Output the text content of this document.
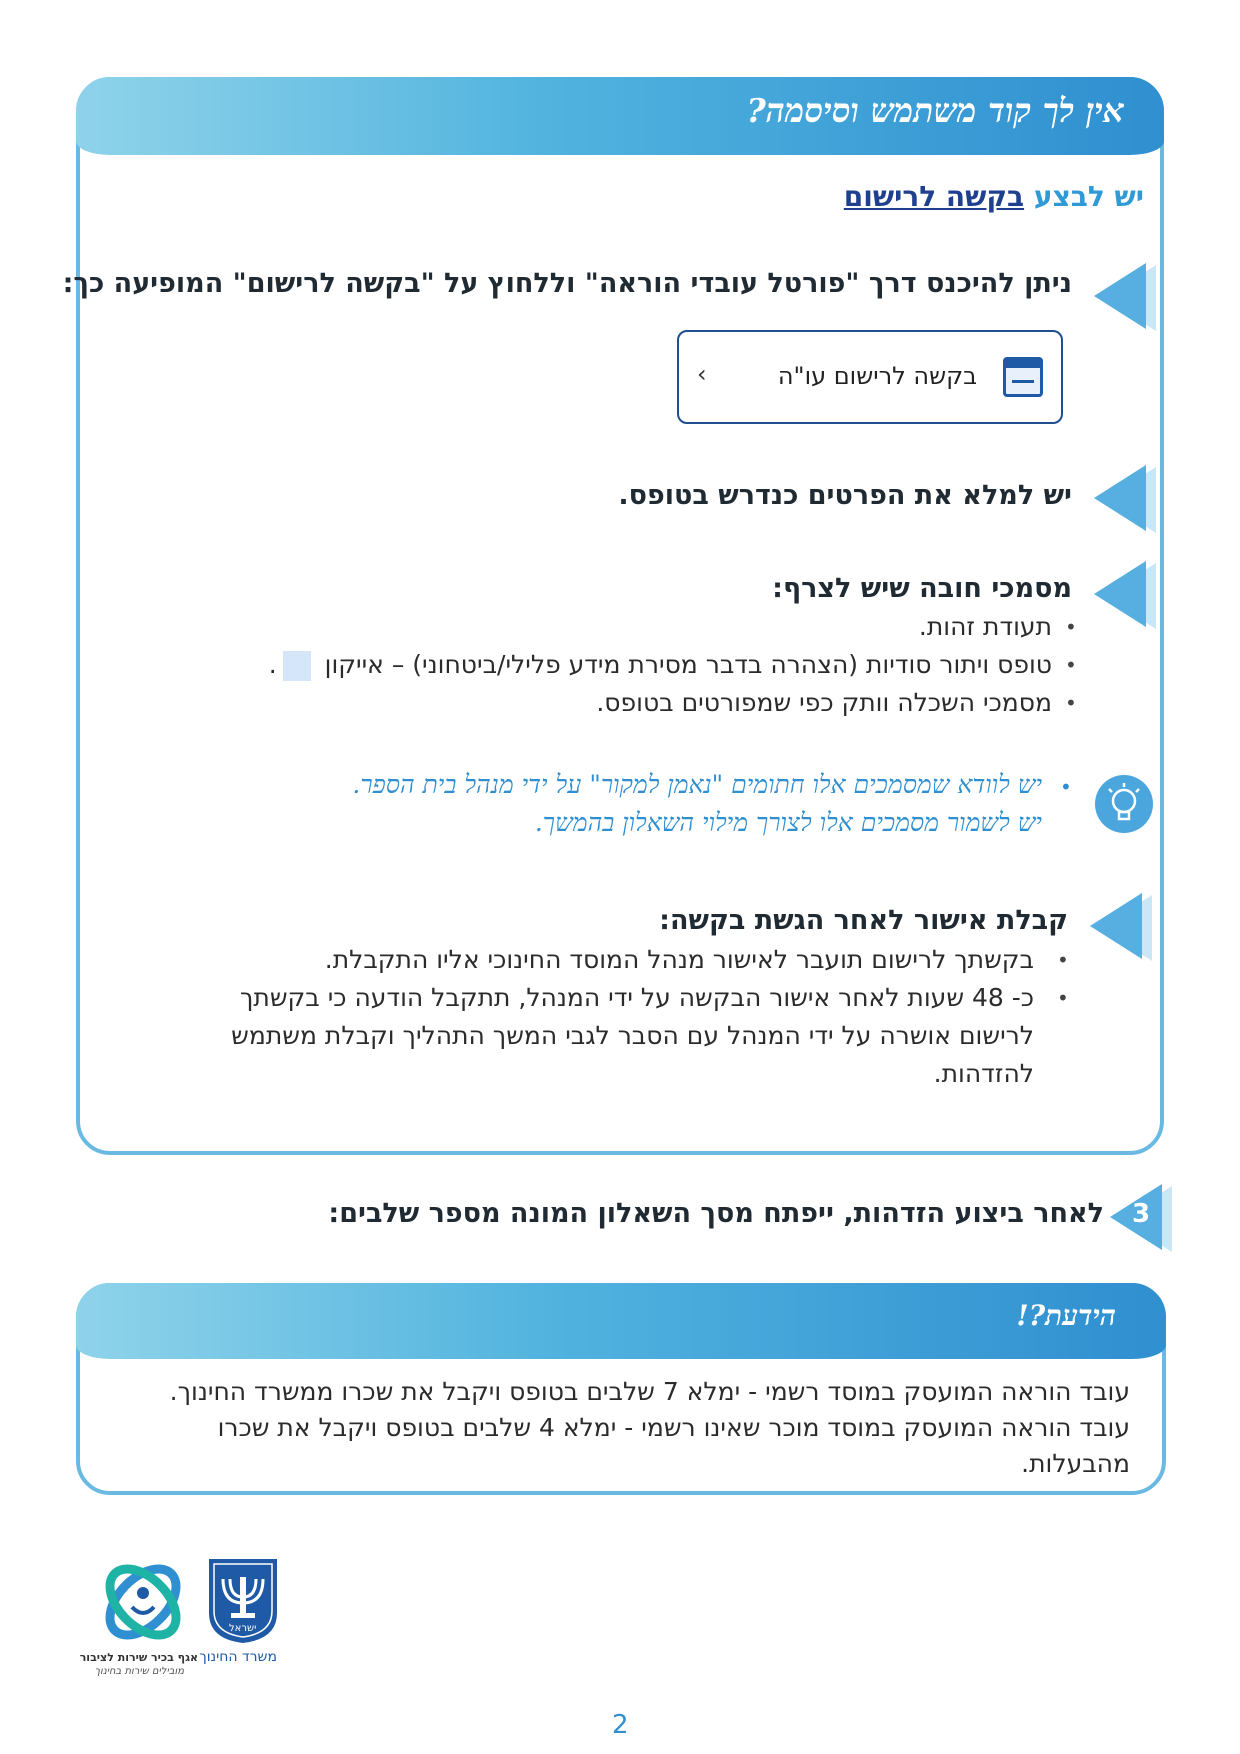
אין לך קוד משתמש וסיסמה?
יש לבצע בקשה לרישום
ניתן להיכנס דרך "פורטל עובדי הוראה" וללחוץ על "בקשה לרישום" המופיעה כך:
בקשה לרישום עו"ה
‹
יש למלא את הפרטים כנדרש בטופס.
מסמכי חובה שיש לצרף:
•
תעודת זהות.
•
טופס ויתור סודיות (הצהרה בדבר מסירת מידע פלילי/ביטחוני) – אייקון .
•
מסמכי השכלה וותק כפי שמפורטים בטופס.
•
יש לוודא שמסמכים אלו חתומים "נאמן למקור" על ידי מנהל בית הספר.
יש לשמור מסמכים אלו לצורך מילוי השאלון בהמשך.
קבלת אישור לאחר הגשת בקשה:
•
בקשתך לרישום תועבר לאישור מנהל המוסד החינוכי אליו התקבלת.
•
כ- 48 שעות לאחר אישור הבקשה על ידי המנהל, תתקבל הודעה כי בקשתך
לרישום אושרה על ידי המנהל עם הסבר לגבי המשך התהליך וקבלת משתמש
להזדהות.
3
לאחר ביצוע הזדהות, ייפתח מסך השאלון המונה מספר שלבים:
הידעת?!
עובד הוראה המועסק במוסד רשמי - ימלא 7 שלבים בטופס ויקבל את שכרו ממשרד החינוך.
עובד הוראה המועסק במוסד מוכר שאינו רשמי - ימלא 4 שלבים בטופס ויקבל את שכרו
מהבעלות.
ישראל
משרד החינוך
אגף בכיר שירות לציבור
מובילים שירות בחינוך
2
